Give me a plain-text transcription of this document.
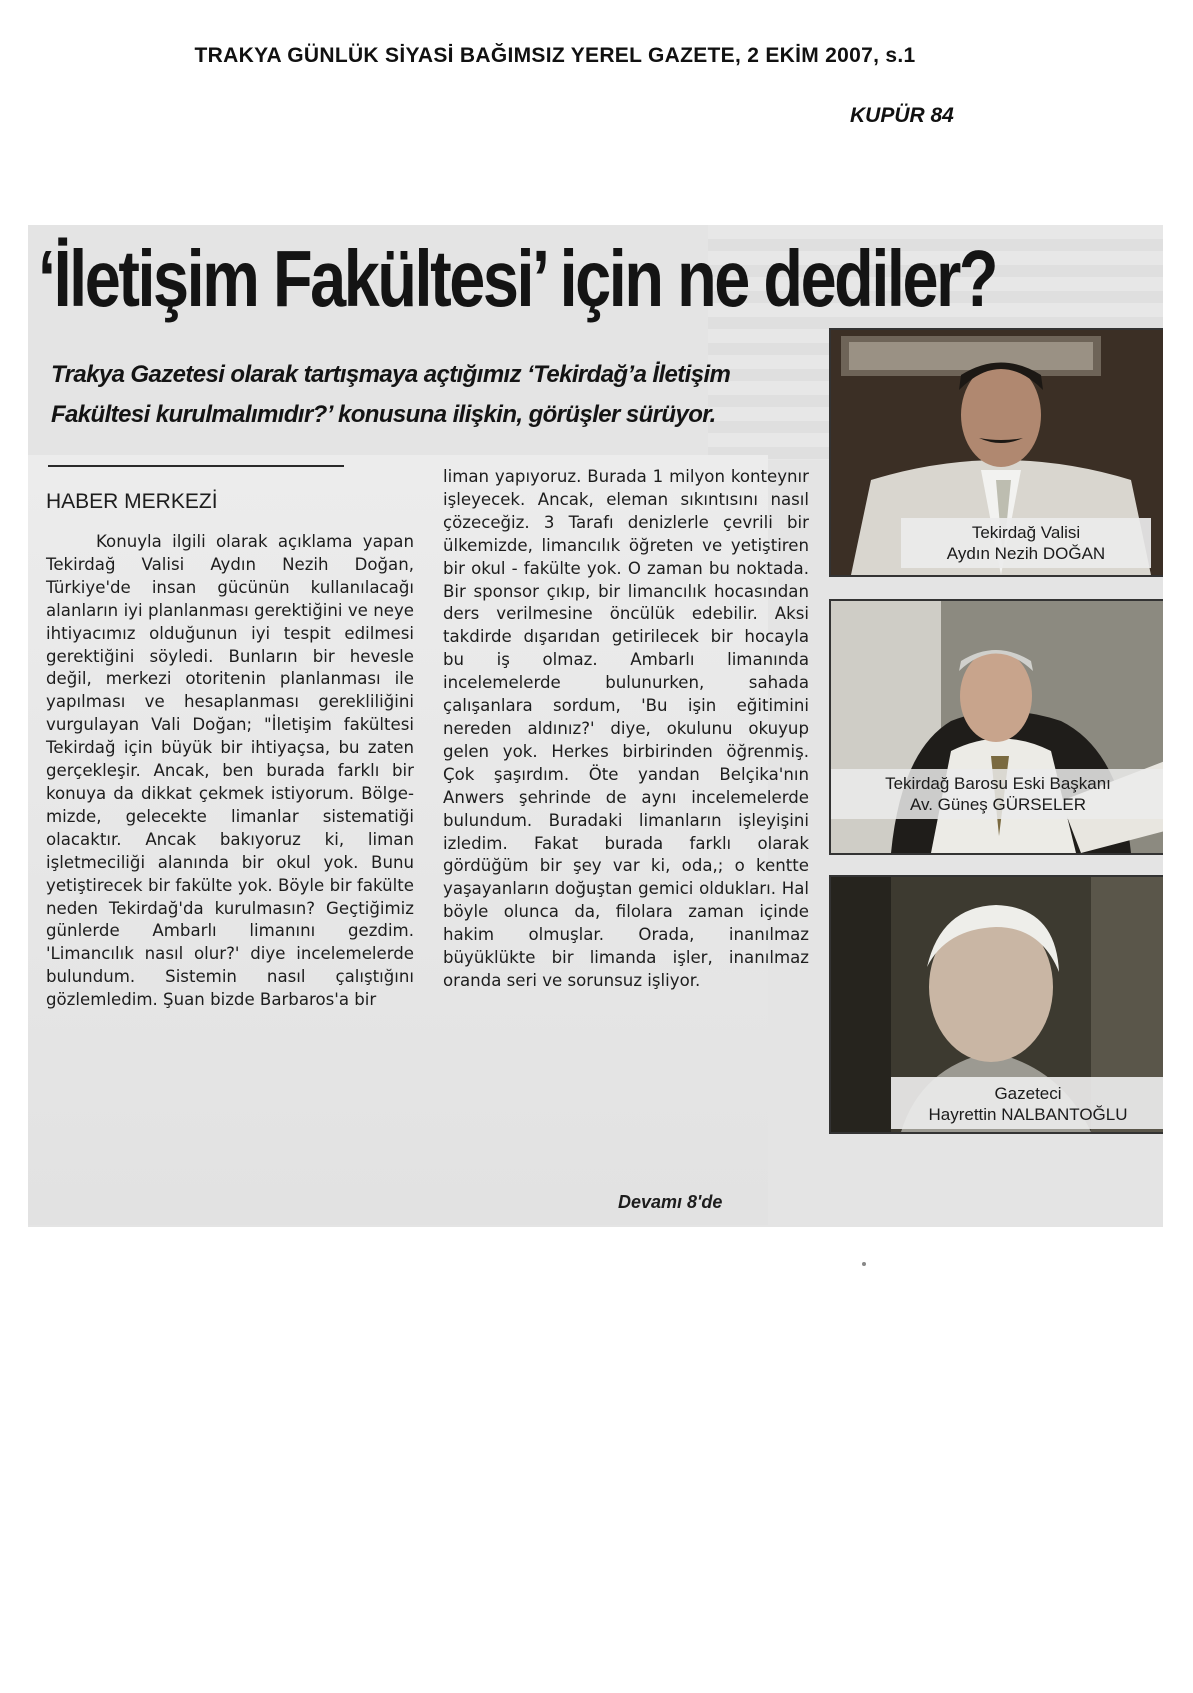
TRAKYA GÜNLÜK SİYASİ BAĞIMSIZ YEREL GAZETE, 2 EKİM 2007, s.1
KUPÜR 84
‘İletişim Fakültesi’ için ne dediler?
Trakya Gazetesi olarak tartışmaya açtığımız ‘Tekirdağ’a İletişim
Fakültesi kurulmalımıdır?’ konusuna ilişkin, görüşler sürüyor.
HABER MERKEZİ
Konuyla ilgili olarak açıklama yapan Tekirdağ Valisi Aydın Nezih Doğan, Türkiye'de insan gücünün kullanılacağı alanların iyi planlanması gerektiğini ve neye ihtiyacımız olduğunun iyi tespit edilmesi gerektiğini söyledi. Bunların bir hevesle değil, merkezi otoritenin planlanması ile yapılması ve hesaplanması gerekliliğini vurgulayan Vali Doğan; "İletişim fakültesi Tekirdağ için büyük bir ihtiyaçsa, bu zaten gerçekleşir. Ancak, ben burada farklı bir konuya da dikkat çekmek istiyorum. Bölgemizde, gelecekte limanlar sistematiği olacaktır. Ancak bakıyoruz ki, liman işletmeciliği alanında bir okul yok. Bunu yetiştirecek bir fakülte yok. Böyle bir fakülte neden Tekirdağ'da kurulmasın? Geçtiğimiz günlerde Ambarlı limanını gezdim. 'Limancılık nasıl olur?' diye incelemelerde bulundum. Sistemin nasıl çalıştığını gözlemledim. Şuan bizde Barbaros'a bir
liman yapıyoruz. Burada 1 milyon konteynır işleyecek. Ancak, eleman sıkıntısını nasıl çözeceğiz. 3 Tarafı denizlerle çevrili bir ülkemizde, limancılık öğreten ve yetiştiren bir okul - fakülte yok. O zaman bu noktada. Bir sponsor çıkıp, bir limancılık hocasından ders verilmesine öncülük edebilir. Aksi takdirde dışarıdan getirilecek bir hocayla bu iş olmaz. Ambarlı limanında incelemelerde bulunurken, sahada çalışanlara sordum, 'Bu işin eğitimini nereden aldınız?' diye, okulunu okuyup gelen yok. Herkes birbirinden öğrenmiş. Çok şaşırdım. Öte yandan Belçika'nın Anwers şehrinde de aynı incelemelerde bulundum. Buradaki limanların işleyişini izledim. Fakat burada farklı olarak gördüğüm bir şey var ki, oda,; o kentte yaşayanların doğuştan gemici oldukları. Hal böyle olunca da, filolara zaman içinde hakim olmuşlar. Orada, inanılmaz büyüklükte bir limanda işler, inanılmaz oranda seri ve sorunsuz işliyor.
Devamı 8'de
Tekirdağ Valisi
Aydın Nezih DOĞAN
Tekirdağ Barosu Eski Başkanı
Av. Güneş GÜRSELER
Gazeteci
Hayrettin NALBANTOĞLU
